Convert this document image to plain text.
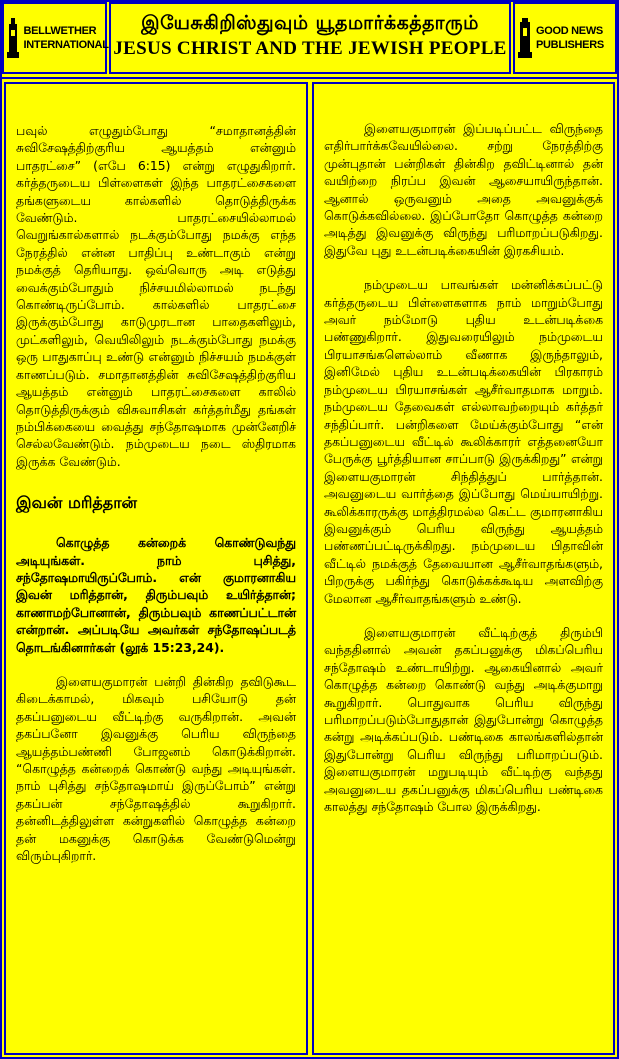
BELLWETHER INTERNATIONAL
இயேசுகிறிஸ்துவும் யூதமார்க்கத்தாரும்
JESUS CHRIST AND THE JEWISH PEOPLE
GOOD NEWS PUBLISHERS

பவுல் எழுதும்போது “சமாதானத்தின் சுவிசேஷத்திற்குரிய ஆயத்தம் என்னும் பாதரட்சை” (எபே 6:15) என்று எழுதுகிறார். கர்த்தருடைய பிள்ளைகள் இந்த பாதரட்சைகளை தங்களுடைய கால்களில் தொடுத்திருக்க வேண்டும். பாதரட்சையில்லாமல் வெறுங்கால்களால் நடக்கும்போது நமக்கு எந்த நேரத்தில் என்ன பாதிப்பு உண்டாகும் என்று நமக்குத் தெரியாது. ஒவ்வொரு அடி எடுத்து வைக்கும்போதும் நிச்சயமில்லாமல் நடந்து கொண்டிருப்போம். கால்களில் பாதரட்சை இருக்கும்போது காடுமுரடான பாதைகளிலும், முட்களிலும், வெயிலிலும் நடக்கும்போது நமக்கு ஒரு பாதுகாப்பு உண்டு என்னும் நிச்சயம் நமக்குள் காணப்படும். சமாதானத்தின் சுவிசேஷத்திற்குரிய ஆயத்தம் என்னும் பாதரட்சைகளை காலில் தொடுத்திருக்கும் விசுவாசிகள் கர்த்தர்மீது தங்கள் நம்பிக்கையை வைத்து சந்தோஷமாக முன்னேறிச் செல்லவேண்டும். நம்முடைய நடை ஸ்திரமாக இருக்க வேண்டும்.

இவன் மரித்தான்

கொழுத்த கன்றைக் கொண்டுவந்து அடியுங்கள். நாம் புசித்து, சந்தோஷமாயிருப்போம். என் குமாரனாகிய இவன் மரித்தான், திரும்பவும் உயிர்த்தான்; காணாமற்போனான், திரும்பவும் காணப்பட்டான் என்றான். அப்படியே அவர்கள் சந்தோஷப்படத் தொடங்கினார்கள் (லூக் 15:23,24).

இளையகுமாரன் பன்றி தின்கிற தவிடுகூட கிடைக்காமல், மிகவும் பசியோடு தன் தகப்பனுடைய வீட்டிற்கு வருகிறான். அவன் தகப்பனோ இவனுக்கு பெரிய விருந்தை ஆயத்தம்பண்ணி போஜனம் கொடுக்கிறான். “கொழுத்த கன்றைக் கொண்டு வந்து அடியுங்கள். நாம் புசித்து சந்தோஷமாய் இருப்போம்” என்று தகப்பன் சந்தோஷத்தில் கூறுகிறார். தன்னிடத்திலுள்ள கன்றுகளில் கொழுத்த கன்றை தன் மகனுக்கு கொடுக்க வேண்டுமென்று விரும்புகிறார்.

இளையகுமாரன் இப்படிப்பட்ட விருந்தை எதிர்பார்க்கவேயில்லை. சற்று நேரத்திற்கு முன்புதான் பன்றிகள் தின்கிற தவிட்டினால் தன் வயிற்றை நிரப்ப இவன் ஆசையாயிருந்தான். ஆனால் ஒருவனும் அதை அவனுக்குக் கொடுக்கவில்லை. இப்போதோ கொழுத்த கன்றை அடித்து இவனுக்கு விருந்து பரிமாறப்படுகிறது. இதுவே புது உடன்படிக்கையின் இரகசியம்.

நம்முடைய பாவங்கள் மன்னிக்கப்பட்டு கர்த்தருடைய பிள்ளைகளாக நாம் மாறும்போது அவர் நம்மோடு புதிய உடன்படிக்கை பண்ணுகிறார். இதுவரையிலும் நம்முடைய பிரயாசங்களெல்லாம் வீணாக இருந்தாலும், இனிமேல் புதிய உடன்படிக்கையின் பிரகாரம் நம்முடைய பிரயாசங்கள் ஆசீர்வாதமாக மாறும். நம்முடைய தேவைகள் எல்லாவற்றையும் கர்த்தர் சந்திப்பார். பன்றிகளை மேய்க்கும்போது “என் தகப்பனுடைய வீட்டில் கூலிக்காரர் எத்தனையோ பேருக்கு பூர்த்தியான சாப்பாடு இருக்கிறது” என்று இளையகுமாரன் சிந்தித்துப் பார்த்தான். அவனுடைய வார்த்தை இப்போது மெய்யாயிற்று. கூலிக்காரருக்கு மாத்திரமல்ல கெட்ட குமாரனாகிய இவனுக்கும் பெரிய விருந்து ஆயத்தம் பண்ணப்பட்டிருக்கிறது. நம்முடைய பிதாவின் வீட்டில் நமக்குத் தேவையான ஆசீர்வாதங்களும், பிறருக்கு பகிர்ந்து கொடுக்கக்கூடிய அளவிற்கு மேலான ஆசீர்வாதங்களும் உண்டு.

இளையகுமாரன் வீட்டிற்குத் திரும்பி வந்ததினால் அவன் தகப்பனுக்கு மிகப்பெரிய சந்தோஷம் உண்டாயிற்று. ஆகையினால் அவர் கொழுத்த கன்றை கொண்டு வந்து அடிக்குமாறு கூறுகிறார். பொதுவாக பெரிய விருந்து பரிமாறப்படும்போதுதான் இதுபோன்று கொழுத்த கன்று அடிக்கப்படும். பண்டிகை காலங்களில்தான் இதுபோன்று பெரிய விருந்து பரிமாறப்படும். இளையகுமாரன் மறுபடியும் வீட்டிற்கு வந்தது அவனுடைய தகப்பனுக்கு மிகப்பெரிய பண்டிகை காலத்து சந்தோஷம் போல இருக்கிறது.
